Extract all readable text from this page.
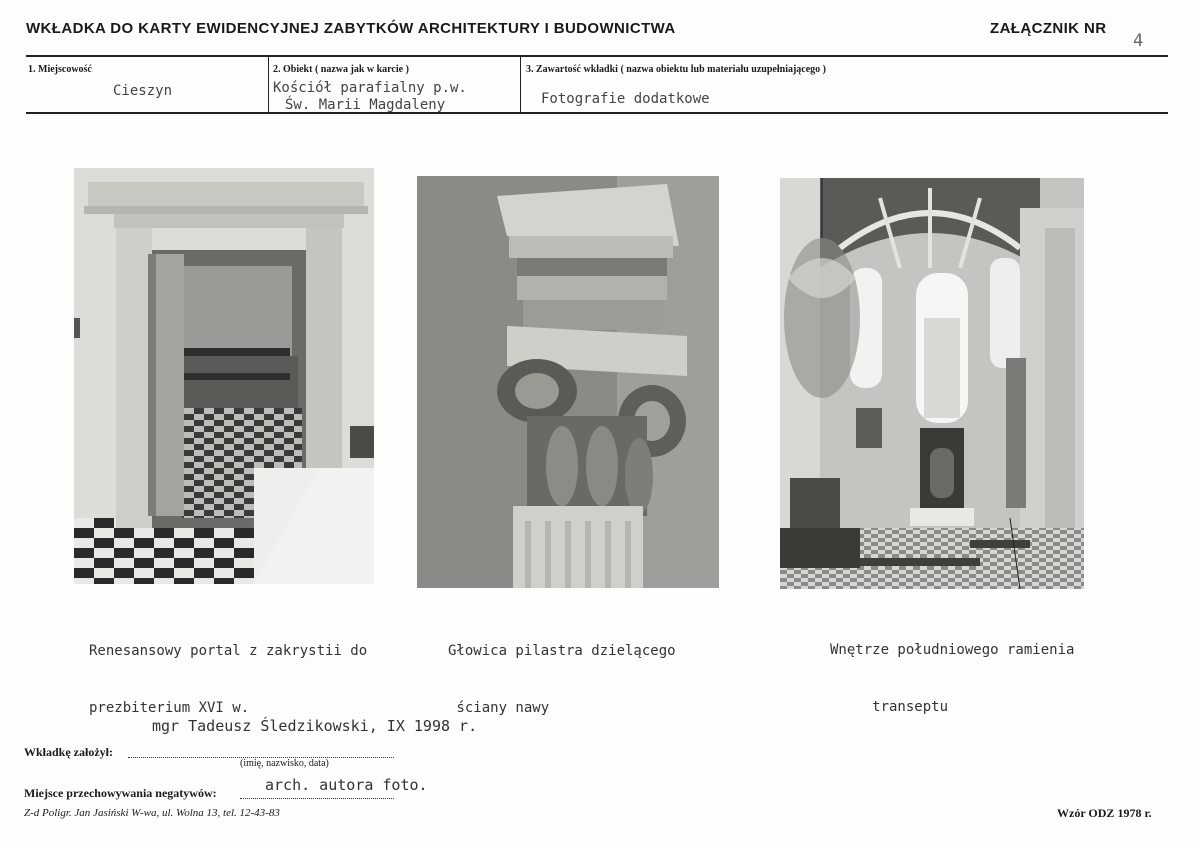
WKŁADKA DO KARTY EWIDENCYJNEJ ZABYTKÓW ARCHITEKTURY I BUDOWNICTWA	ZAŁĄCZNIK NR
4
1. Miejscowość
Cieszyn
2. Obiekt ( nazwa jak w karcie )
Kościół parafialny p.w.
Św. Marii Magdaleny
3. Zawartość wkładki ( nazwa obiektu lub materiału uzupełniającego )
Fotografie dodatkowe

Renesansowy portal z zakrystii do

prezbiterium XVI w.

Głowica pilastra dzielącego

ściany nawy

Wnętrze południowego ramienia

transeptu

mgr Tadeusz Śledzikowski, IX 1998 r.
Wkładkę założył:
(imię, nazwisko, data)
Miejsce przechowywania negatywów:	arch. autora foto.
Z-d Poligr. Jan Jasiński W-wa, ul. Wolna 13, tel. 12-43-83	Wzór ODZ 1978 r.
